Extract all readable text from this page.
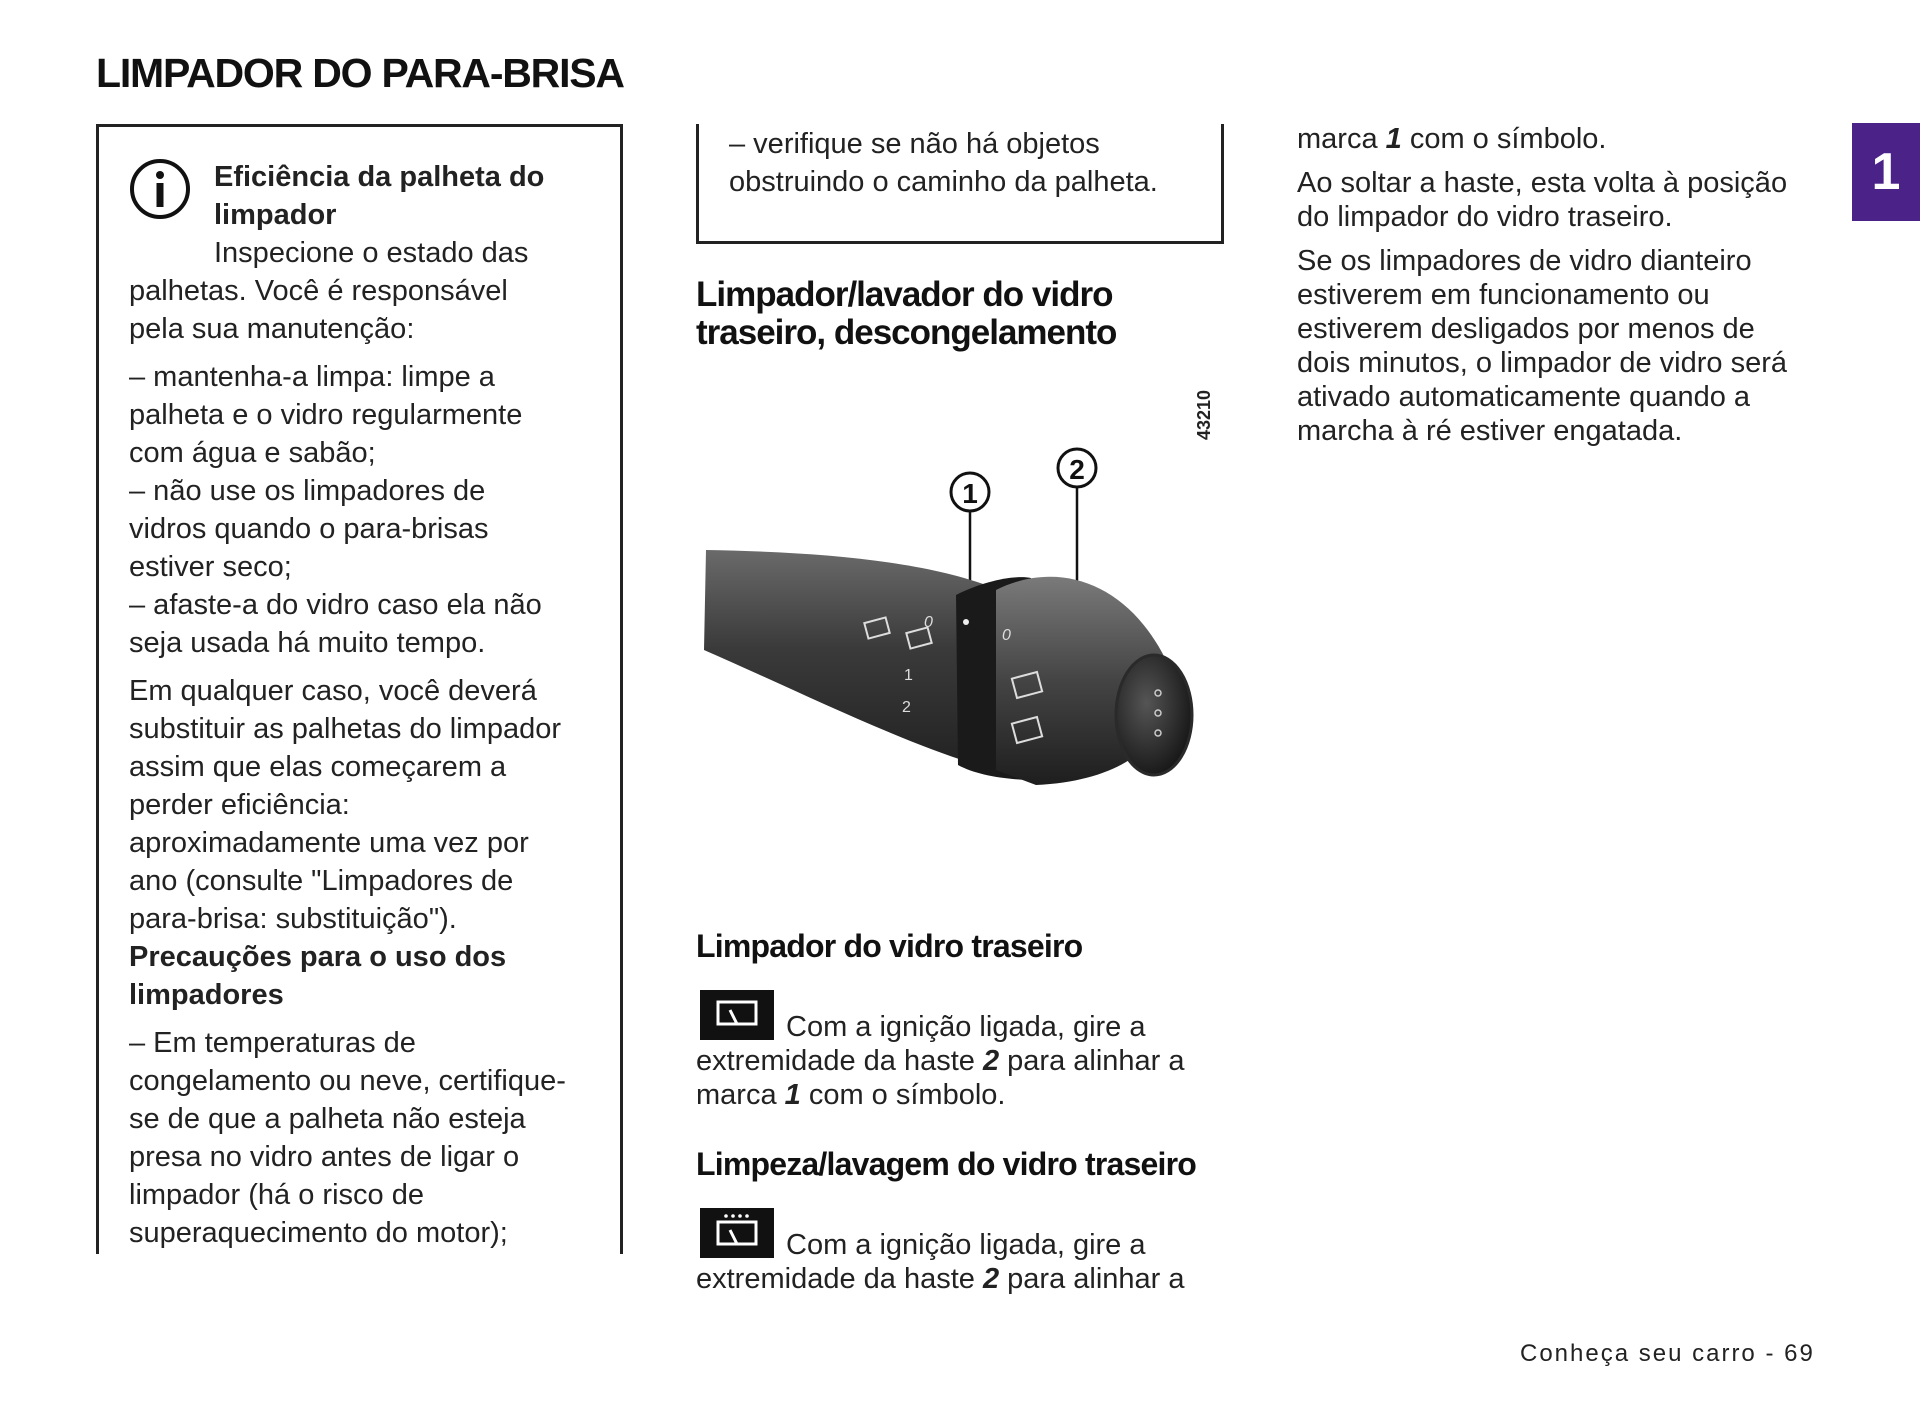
LIMPADOR DO PARA-BRISA
Eficiência da palheta do limpador
Inspecione o estado das

palhetas. Você é responsável

pela sua manutenção:

– mantenha-a limpa: limpe a

palheta e o vidro regularmente

com água e sabão;

– não use os limpadores de

vidros quando o para-brisas

estiver seco;

– afaste-a do vidro caso ela não

seja usada há muito tempo.

Em qualquer caso, você deverá

substituir as palhetas do limpador

assim que elas começarem a

perder eficiência:

aproximadamente uma vez por

ano (consulte "Limpadores de

para-brisa: substituição").

Precauções para o uso dos

limpadores

– Em temperaturas de

congelamento ou neve, certifique-

se de que a palheta não esteja

presa no vidro antes de ligar o

limpador (há o risco de

superaquecimento do motor);

– verifique se não há objetos

obstruindo o caminho da palheta.

Limpador/lavador do vidro
traseiro, descongelamento
43210
0
1
2
0
1
2
Limpador do vidro traseiro

Com a ignição ligada, gire a

extremidade da haste 2 para alinhar a

marca 1 com o símbolo.

Limpeza/lavagem do vidro traseiro

Com a ignição ligada, gire a

extremidade da haste 2 para alinhar a

marca 1 com o símbolo.

Ao soltar a haste, esta volta à posição
do limpador do vidro traseiro.

Se os limpadores de vidro dianteiro
estiverem em funcionamento ou
estiverem desligados por menos de
dois minutos, o limpador de vidro será
ativado automaticamente quando a
marcha à ré estiver engatada.

1
Conheça seu carro - 69
